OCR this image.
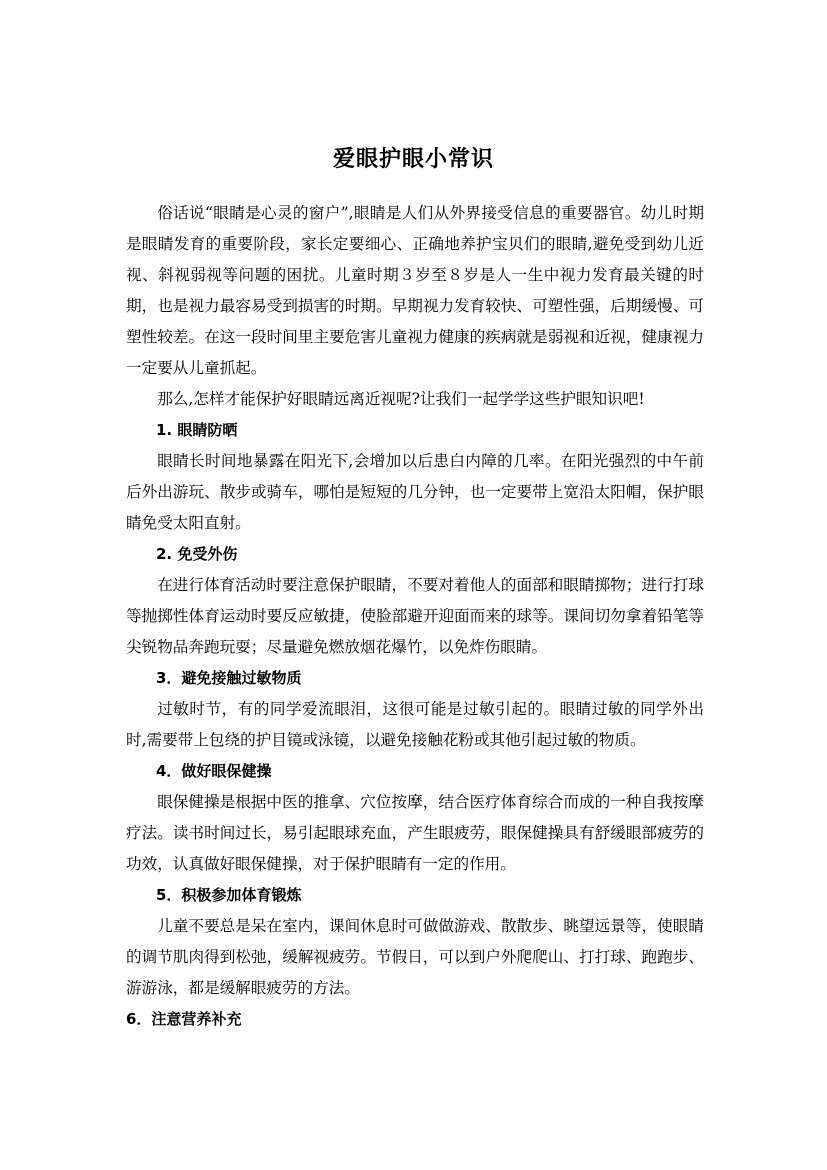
爱眼护眼小常识

俗话说“眼睛是心灵的窗户”,眼睛是人们从外界接受信息的重要器官。幼儿时期是眼睛发育的重要阶段，家长定要细心、正确地养护宝贝们的眼睛,避免受到幼儿近视、斜视弱视等问题的困扰。儿童时期３岁至８岁是人一生中视力发育最关键的时期，也是视力最容易受到损害的时期。早期视力发育较快、可塑性强，后期缓慢、可塑性较差。在这一段时间里主要危害儿童视力健康的疾病就是弱视和近视，健康视力一定要从儿童抓起。

那么,怎样才能保护好眼睛远离近视呢?让我们一起学学这些护眼知识吧!

1. 眼睛防晒

眼睛长时间地暴露在阳光下,会增加以后患白内障的几率。在阳光强烈的中午前后外出游玩、散步或骑车，哪怕是短短的几分钟，也一定要带上宽沿太阳帽，保护眼睛免受太阳直射。

2. 免受外伤

在进行体育活动时要注意保护眼睛，不要对着他人的面部和眼睛掷物；进行打球等抛掷性体育运动时要反应敏捷，使脸部避开迎面而来的球等。课间切勿拿着铅笔等尖锐物品奔跑玩耍；尽量避免燃放烟花爆竹，以免炸伤眼睛。

3．避免接触过敏物质

过敏时节，有的同学爱流眼泪，这很可能是过敏引起的。眼睛过敏的同学外出时,需要带上包绕的护目镜或泳镜，以避免接触花粉或其他引起过敏的物质。

4．做好眼保健操

眼保健操是根据中医的推拿、穴位按摩，结合医疗体育综合而成的一种自我按摩疗法。读书时间过长，易引起眼球充血，产生眼疲劳，眼保健操具有舒缓眼部疲劳的功效，认真做好眼保健操，对于保护眼睛有一定的作用。

5．积极参加体育锻炼

儿童不要总是呆在室内，课间休息时可做做游戏、散散步、眺望远景等，使眼睛的调节肌肉得到松弛，缓解视疲劳。节假日，可以到户外爬爬山、打打球、跑跑步、游游泳，都是缓解眼疲劳的方法。

6．注意营养补充
